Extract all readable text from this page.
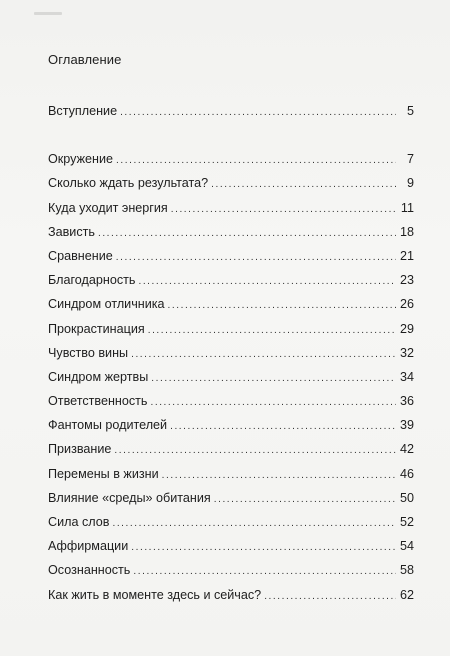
Оглавление
Вступление . . .	5
Окружение . . .	7
Сколько ждать результата? . . .	9
Куда уходит энергия . . .	11
Зависть . . .	18
Сравнение . . .	21
Благодарность . . .	23
Синдром отличника . . .	26
Прокрастинация . . .	29
Чувство вины . . .	32
Синдром жертвы . . .	34
Ответственность . . .	36
Фантомы родителей . . .	39
Призвание . . .	42
Перемены в жизни . . .	46
Влияние «среды» обитания . . .	50
Сила слов . . .	52
Аффирмации . . .	54
Осознанность . . .	58
Как жить в моменте здесь и сейчас? . . .	62
